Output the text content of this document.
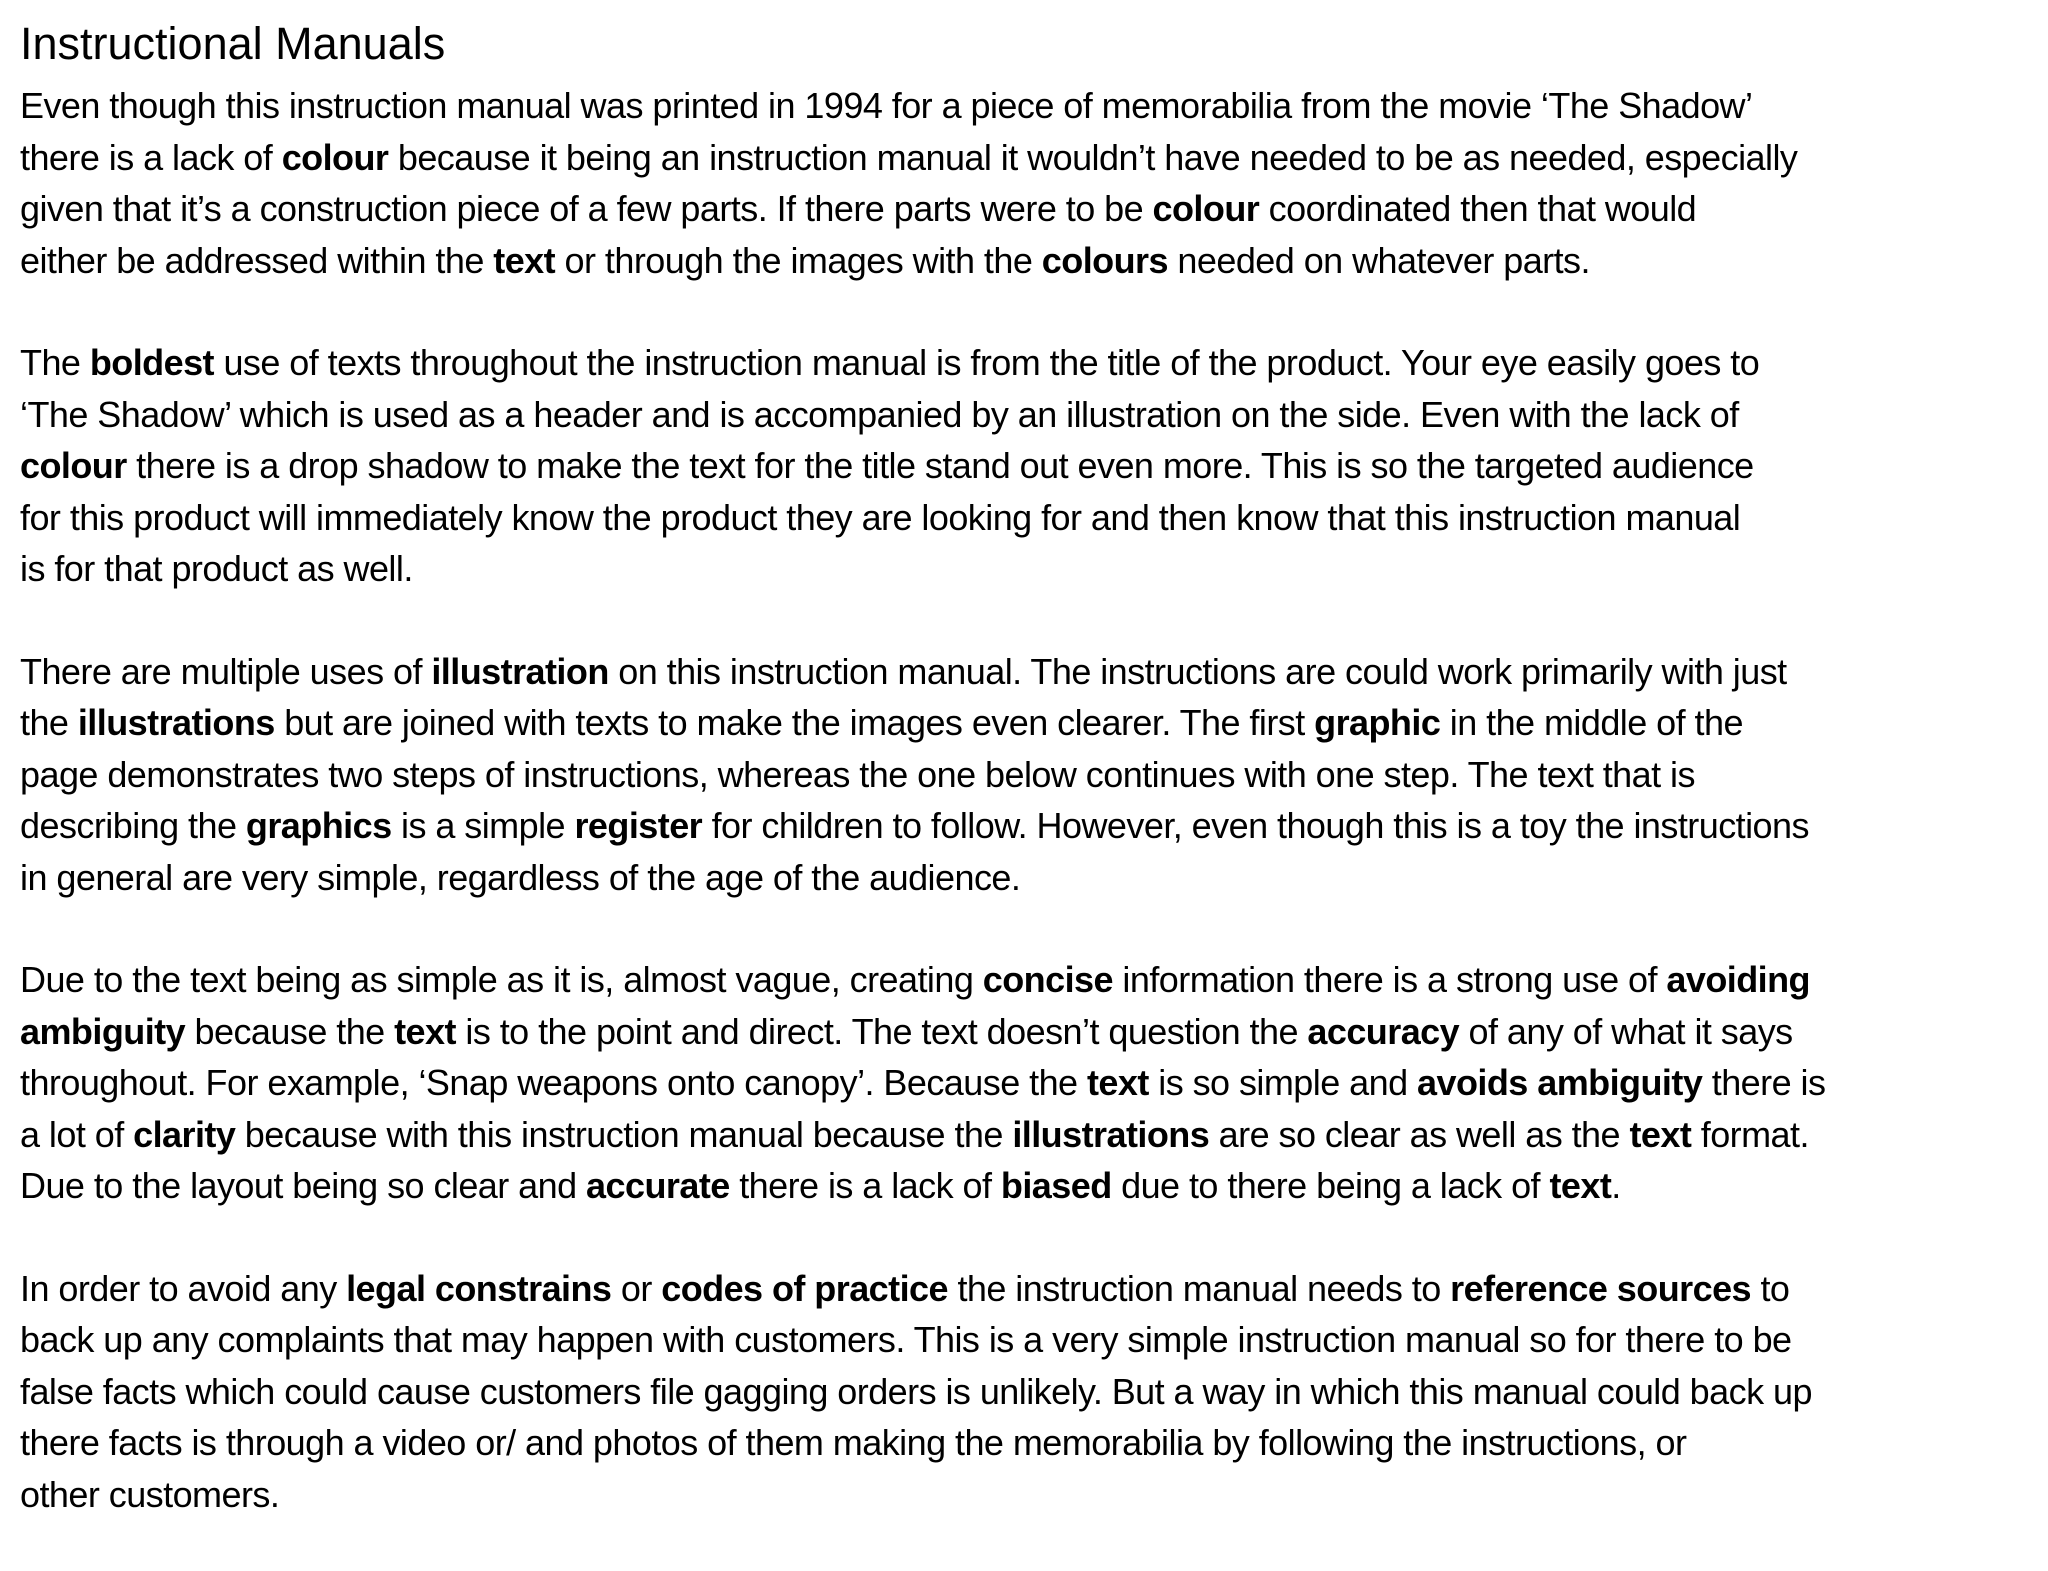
Instructional Manuals
Even though this instruction manual was printed in 1994 for a piece of memorabilia from the movie ‘The Shadow’
there is a lack of colour because it being an instruction manual it wouldn’t have needed to be as needed, especially
given that it’s a construction piece of a few parts. If there parts were to be colour coordinated then that would
either be addressed within the text or through the images with the colours needed on whatever parts.
The boldest use of texts throughout the instruction manual is from the title of the product. Your eye easily goes to
‘The Shadow’ which is used as a header and is accompanied by an illustration on the side. Even with the lack of
colour there is a drop shadow to make the text for the title stand out even more. This is so the targeted audience
for this product will immediately know the product they are looking for and then know that this instruction manual
is for that product as well.
There are multiple uses of illustration on this instruction manual. The instructions are could work primarily with just
the illustrations but are joined with texts to make the images even clearer. The first graphic in the middle of the
page demonstrates two steps of instructions, whereas the one below continues with one step. The text that is
describing the graphics is a simple register for children to follow. However, even though this is a toy the instructions
in general are very simple, regardless of the age of the audience.
Due to the text being as simple as it is, almost vague, creating concise information there is a strong use of avoiding
ambiguity because the text is to the point and direct. The text doesn’t question the accuracy of any of what it says
throughout. For example, ‘Snap weapons onto canopy’. Because the text is so simple and avoids ambiguity there is
a lot of clarity because with this instruction manual because the illustrations are so clear as well as the text format.
Due to the layout being so clear and accurate there is a lack of biased due to there being a lack of text.
In order to avoid any legal constrains or codes of practice the instruction manual needs to reference sources to
back up any complaints that may happen with customers. This is a very simple instruction manual so for there to be
false facts which could cause customers file gagging orders is unlikely. But a way in which this manual could back up
there facts is through a video or/ and photos of them making the memorabilia by following the instructions, or
other customers.
